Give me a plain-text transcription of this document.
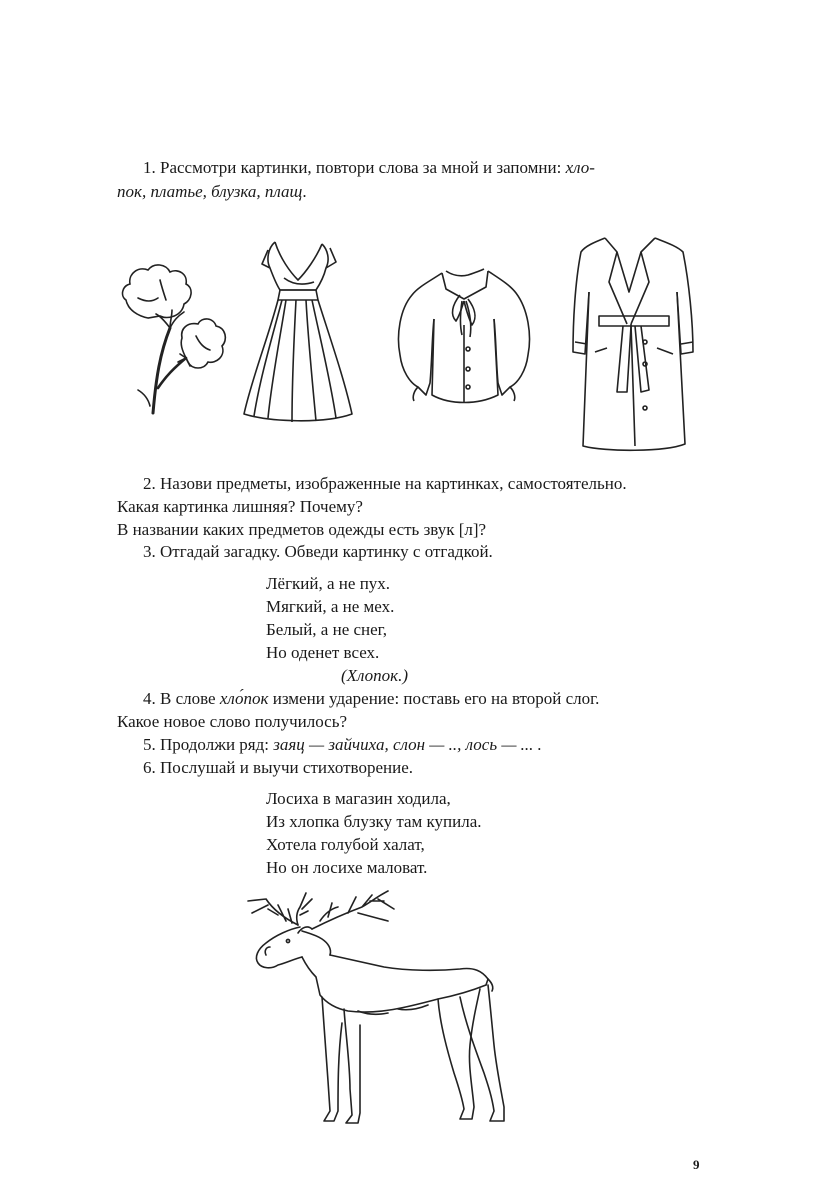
1. Рассмотри картинки, повтори слова за мной и запомни: хло-
пок, платье, блузка, плащ.
2. Назови предметы, изображенные на картинках, самостоятельно.
Какая картинка лишняя? Почему?
В названии каких предметов одежды есть звук [л]?
3. Отгадай загадку. Обведи картинку с отгадкой.
Лёгкий, а не пух.
Мягкий, а не мех.
Белый, а не снег,
Но оденет всех.
(Хлопок.)
4. В слове хло́пок измени ударение: поставь его на второй слог.
Какое новое слово получилось?
5. Продолжи ряд: заяц — зайчиха, слон — .., лось — ... .
6. Послушай и выучи стихотворение.
Лосиха в магазин ходила,
Из хлопка блузку там купила.
Хотела голубой халат,
Но он лосихе маловат.
9
